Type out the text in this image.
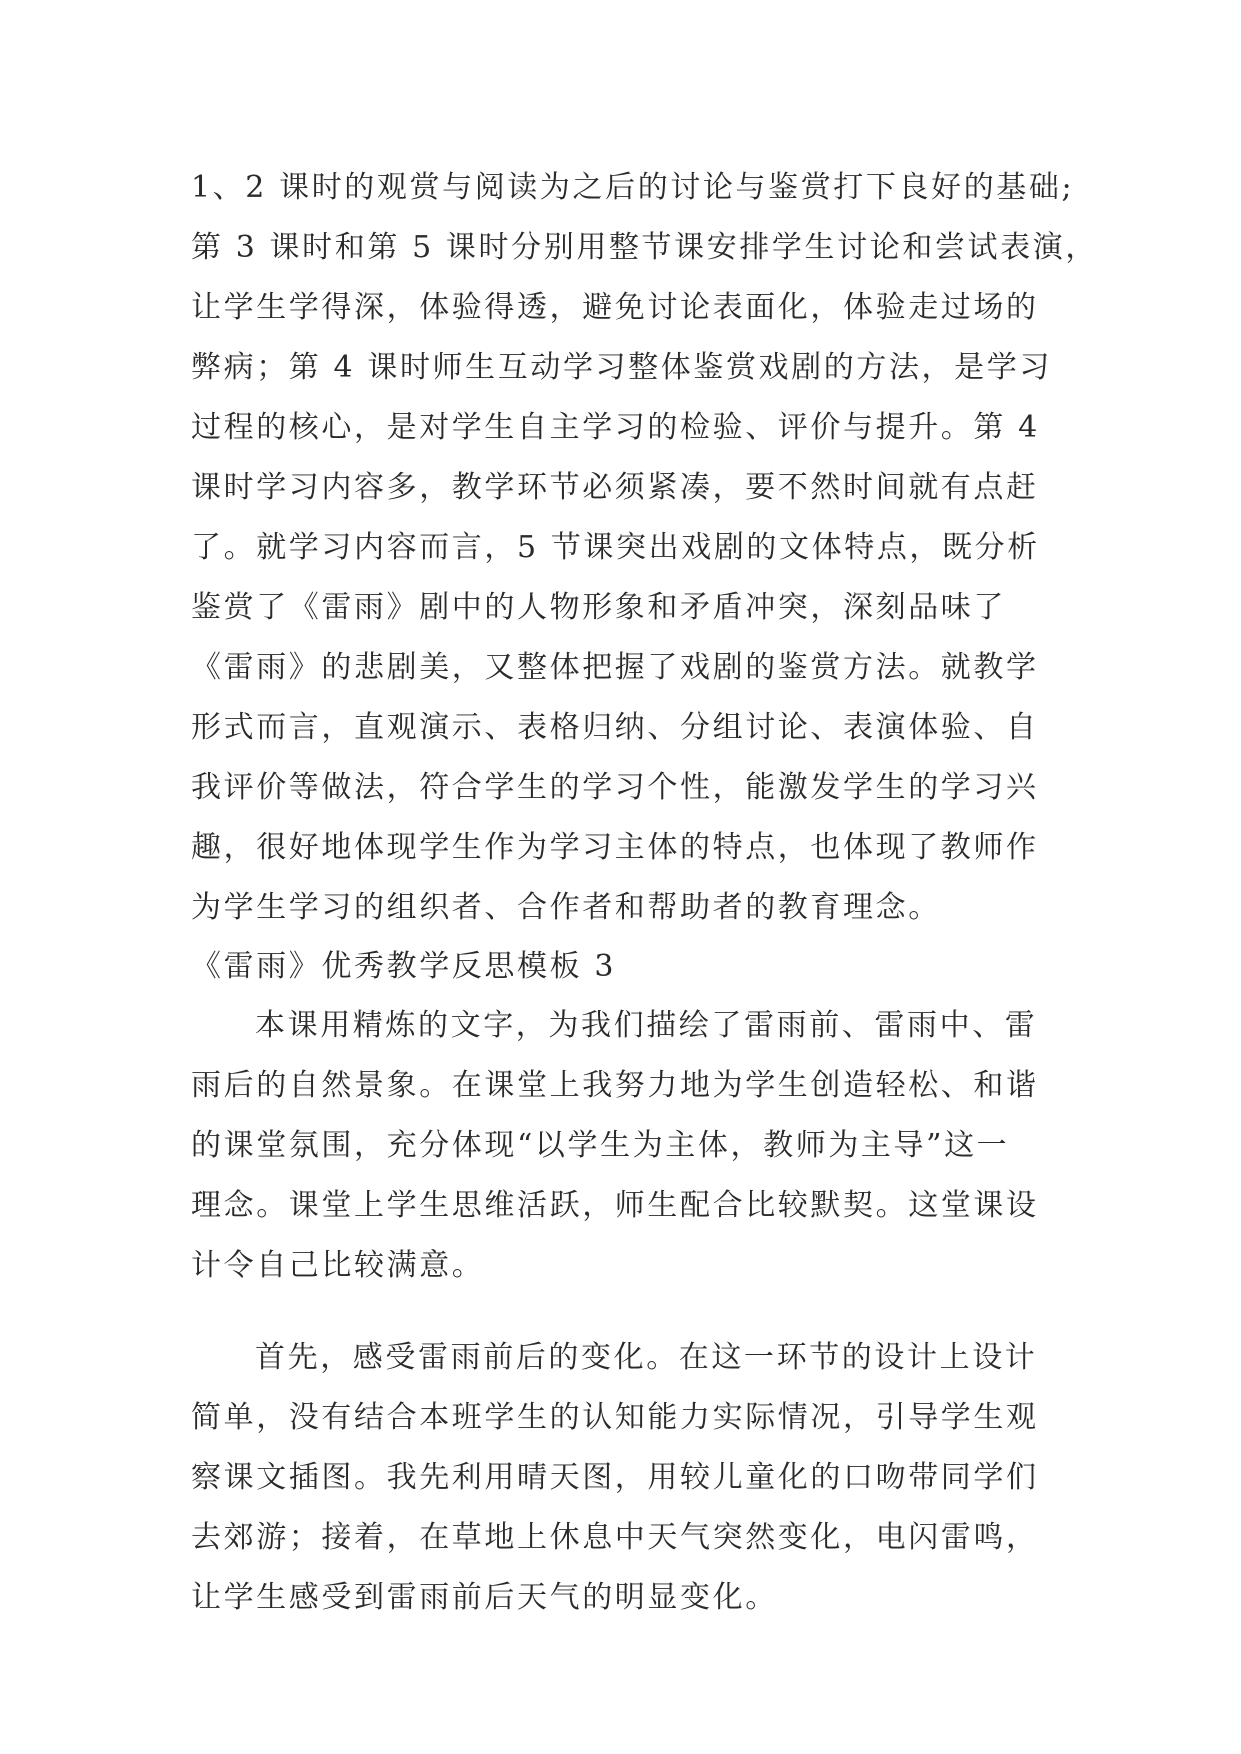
1、2 课时的观赏与阅读为之后的讨论与鉴赏打下良好的基础;
第 3 课时和第 5 课时分别用整节课安排学生讨论和尝试表演，
让学生学得深，体验得透，避免讨论表面化，体验走过场的
弊病；第 4 课时师生互动学习整体鉴赏戏剧的方法，是学习
过程的核心，是对学生自主学习的检验、评价与提升。第 4
课时学习内容多，教学环节必须紧凑，要不然时间就有点赶
了。就学习内容而言，5 节课突出戏剧的文体特点，既分析
鉴赏了《雷雨》剧中的人物形象和矛盾冲突，深刻品味了
《雷雨》的悲剧美，又整体把握了戏剧的鉴赏方法。就教学
形式而言，直观演示、表格归纳、分组讨论、表演体验、自
我评价等做法，符合学生的学习个性，能激发学生的学习兴
趣，很好地体现学生作为学习主体的特点，也体现了教师作
为学生学习的组织者、合作者和帮助者的教育理念。
《雷雨》优秀教学反思模板 3
本课用精炼的文字，为我们描绘了雷雨前、雷雨中、雷
雨后的自然景象。在课堂上我努力地为学生创造轻松、和谐
的课堂氛围，充分体现“以学生为主体，教师为主导”这一
理念。课堂上学生思维活跃，师生配合比较默契。这堂课设
计令自己比较满意。
首先，感受雷雨前后的变化。在这一环节的设计上设计
简单，没有结合本班学生的认知能力实际情况，引导学生观
察课文插图。我先利用晴天图，用较儿童化的口吻带同学们
去郊游；接着，在草地上休息中天气突然变化，电闪雷鸣，
让学生感受到雷雨前后天气的明显变化。
